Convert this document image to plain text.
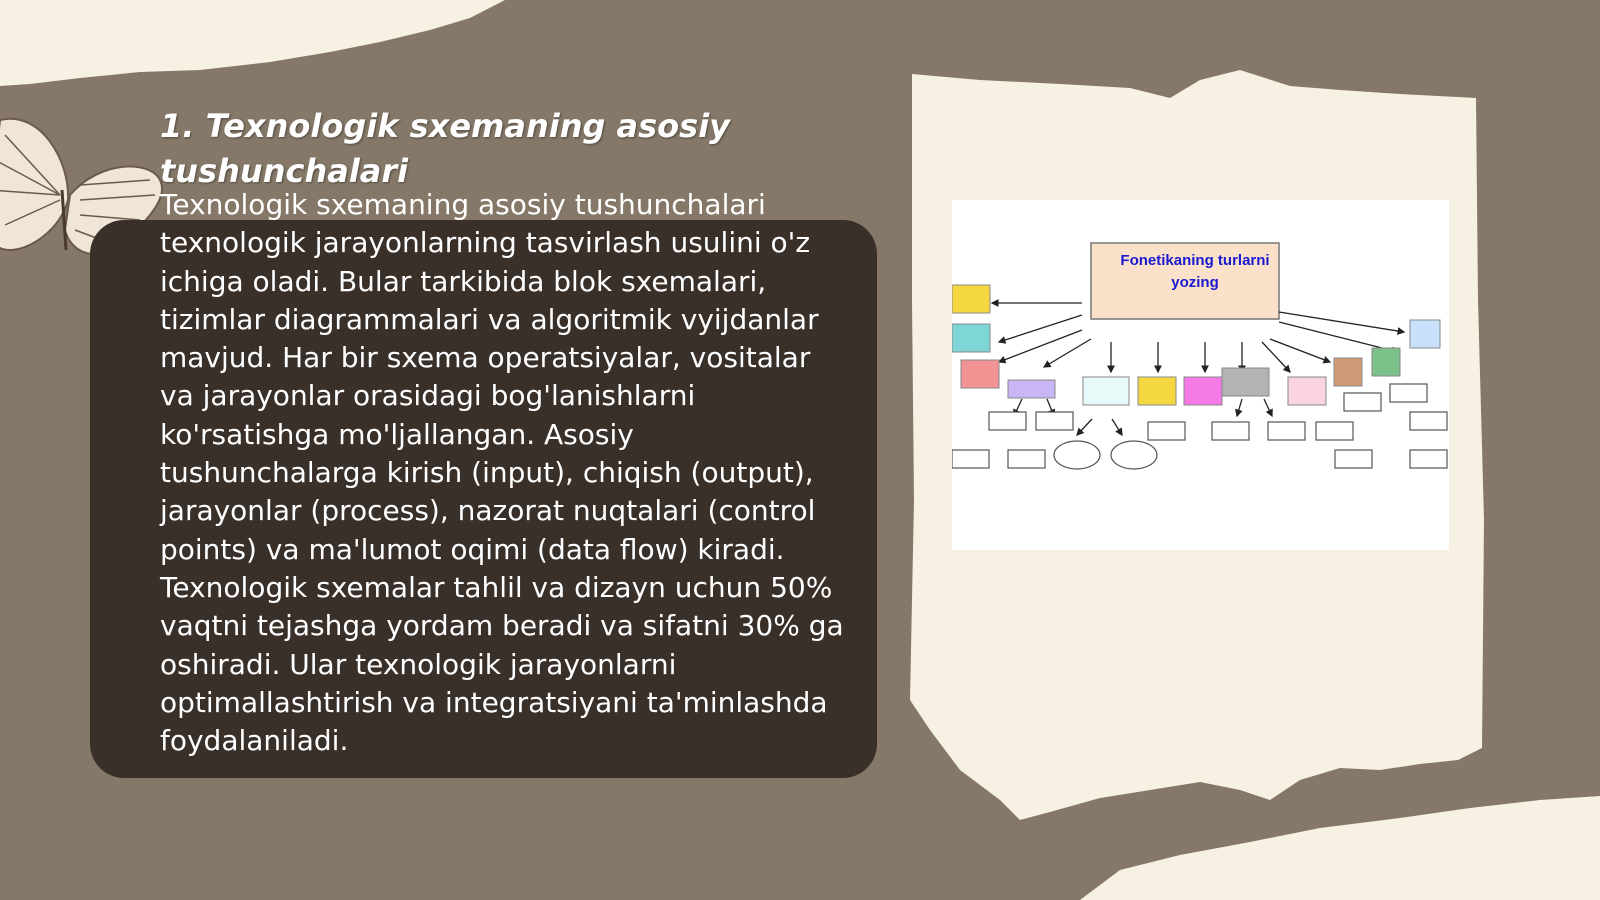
1. Texnologik sxemaning asosiy tushunchalari

Texnologik sxemaning asosiy tushunchalari texnologik jarayonlarning tasvirlash usulini o'z ichiga oladi. Bular tarkibida blok sxemalari, tizimlar diagrammalari va algoritmik vyijdanlar mavjud. Har bir sxema operatsiyalar, vositalar va jarayonlar orasidagi bog'lanishlarni ko'rsatishga mo'ljallangan. Asosiy tushunchalarga kirish (input), chiqish (output), jarayonlar (process), nazorat nuqtalari (control points) va ma'lumot oqimi (data flow) kiradi. Texnologik sxemalar tahlil va dizayn uchun 50% vaqtni tejashga yordam beradi va sifatni 30% ga oshiradi. Ular texnologik jarayonlarni optimallashtirish va integratsiyani ta'minlashda foydalaniladi.

Fonetikaning turlarni yozing
